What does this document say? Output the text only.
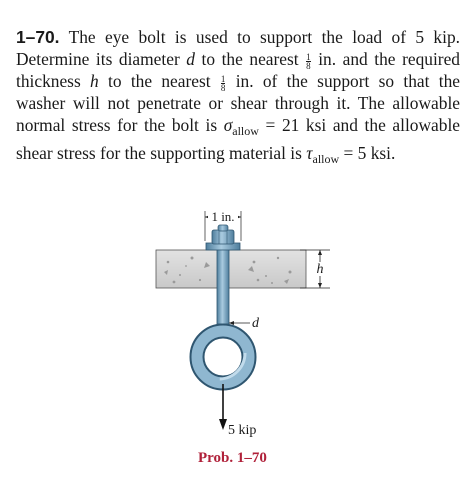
1–70. The eye bolt is used to support the load of 5 kip.
Determine its diameter d to the nearest $\frac{1}{8}$ in. and the required
thickness h to the nearest $\frac{1}{8}$ in. of the support so that the
washer will not penetrate or shear through it. The allowable
normal stress for the bolt is $\sigma_{allow} = 21$ ksi and the allowable
shear stress for the supporting material is $\tau_{allow} = 5$ ksi.
1 in.
h
d
5 kip
Prob. 1–70
